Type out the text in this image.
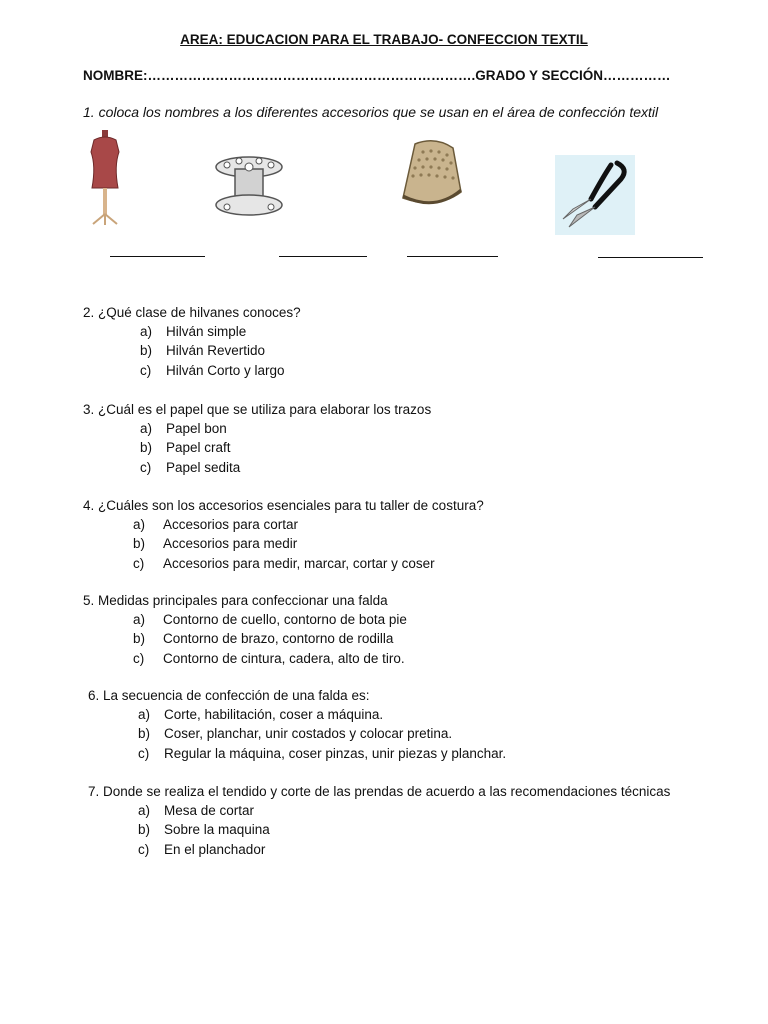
AREA: EDUCACION PARA EL TRABAJO- CONFECCION TEXTIL
NOMBRE:……………………………………………………………….GRADO Y SECCIÓN……………
1. coloca los nombres a los diferentes accesorios que se usan en el área de confección textil
2. ¿Qué clase de hilvanes conoces?
a)	Hilván simple
b)	Hilván Revertido
c)	Hilván Corto y largo
3. ¿Cuál es el papel que se utiliza para elaborar los trazos
a)	Papel bon
b)	Papel craft
c)	Papel sedita
4. ¿Cuáles son los accesorios esenciales para tu taller de costura?
a)	Accesorios para cortar
b)	Accesorios para medir
c)	Accesorios para medir, marcar, cortar y coser
5. Medidas principales para confeccionar una falda
a)	Contorno de cuello, contorno de bota pie
b)	Contorno de brazo, contorno de rodilla
c)	Contorno de cintura, cadera, alto de tiro.
6. La secuencia de confección de una falda es:
a)	Corte, habilitación, coser a máquina.
b)	Coser, planchar, unir costados y colocar pretina.
c)	Regular la máquina, coser pinzas, unir piezas y planchar.
7. Donde se realiza el tendido y corte de las prendas de acuerdo a las recomendaciones técnicas
a)	Mesa de cortar
b)	Sobre la maquina
c)	En el planchador
